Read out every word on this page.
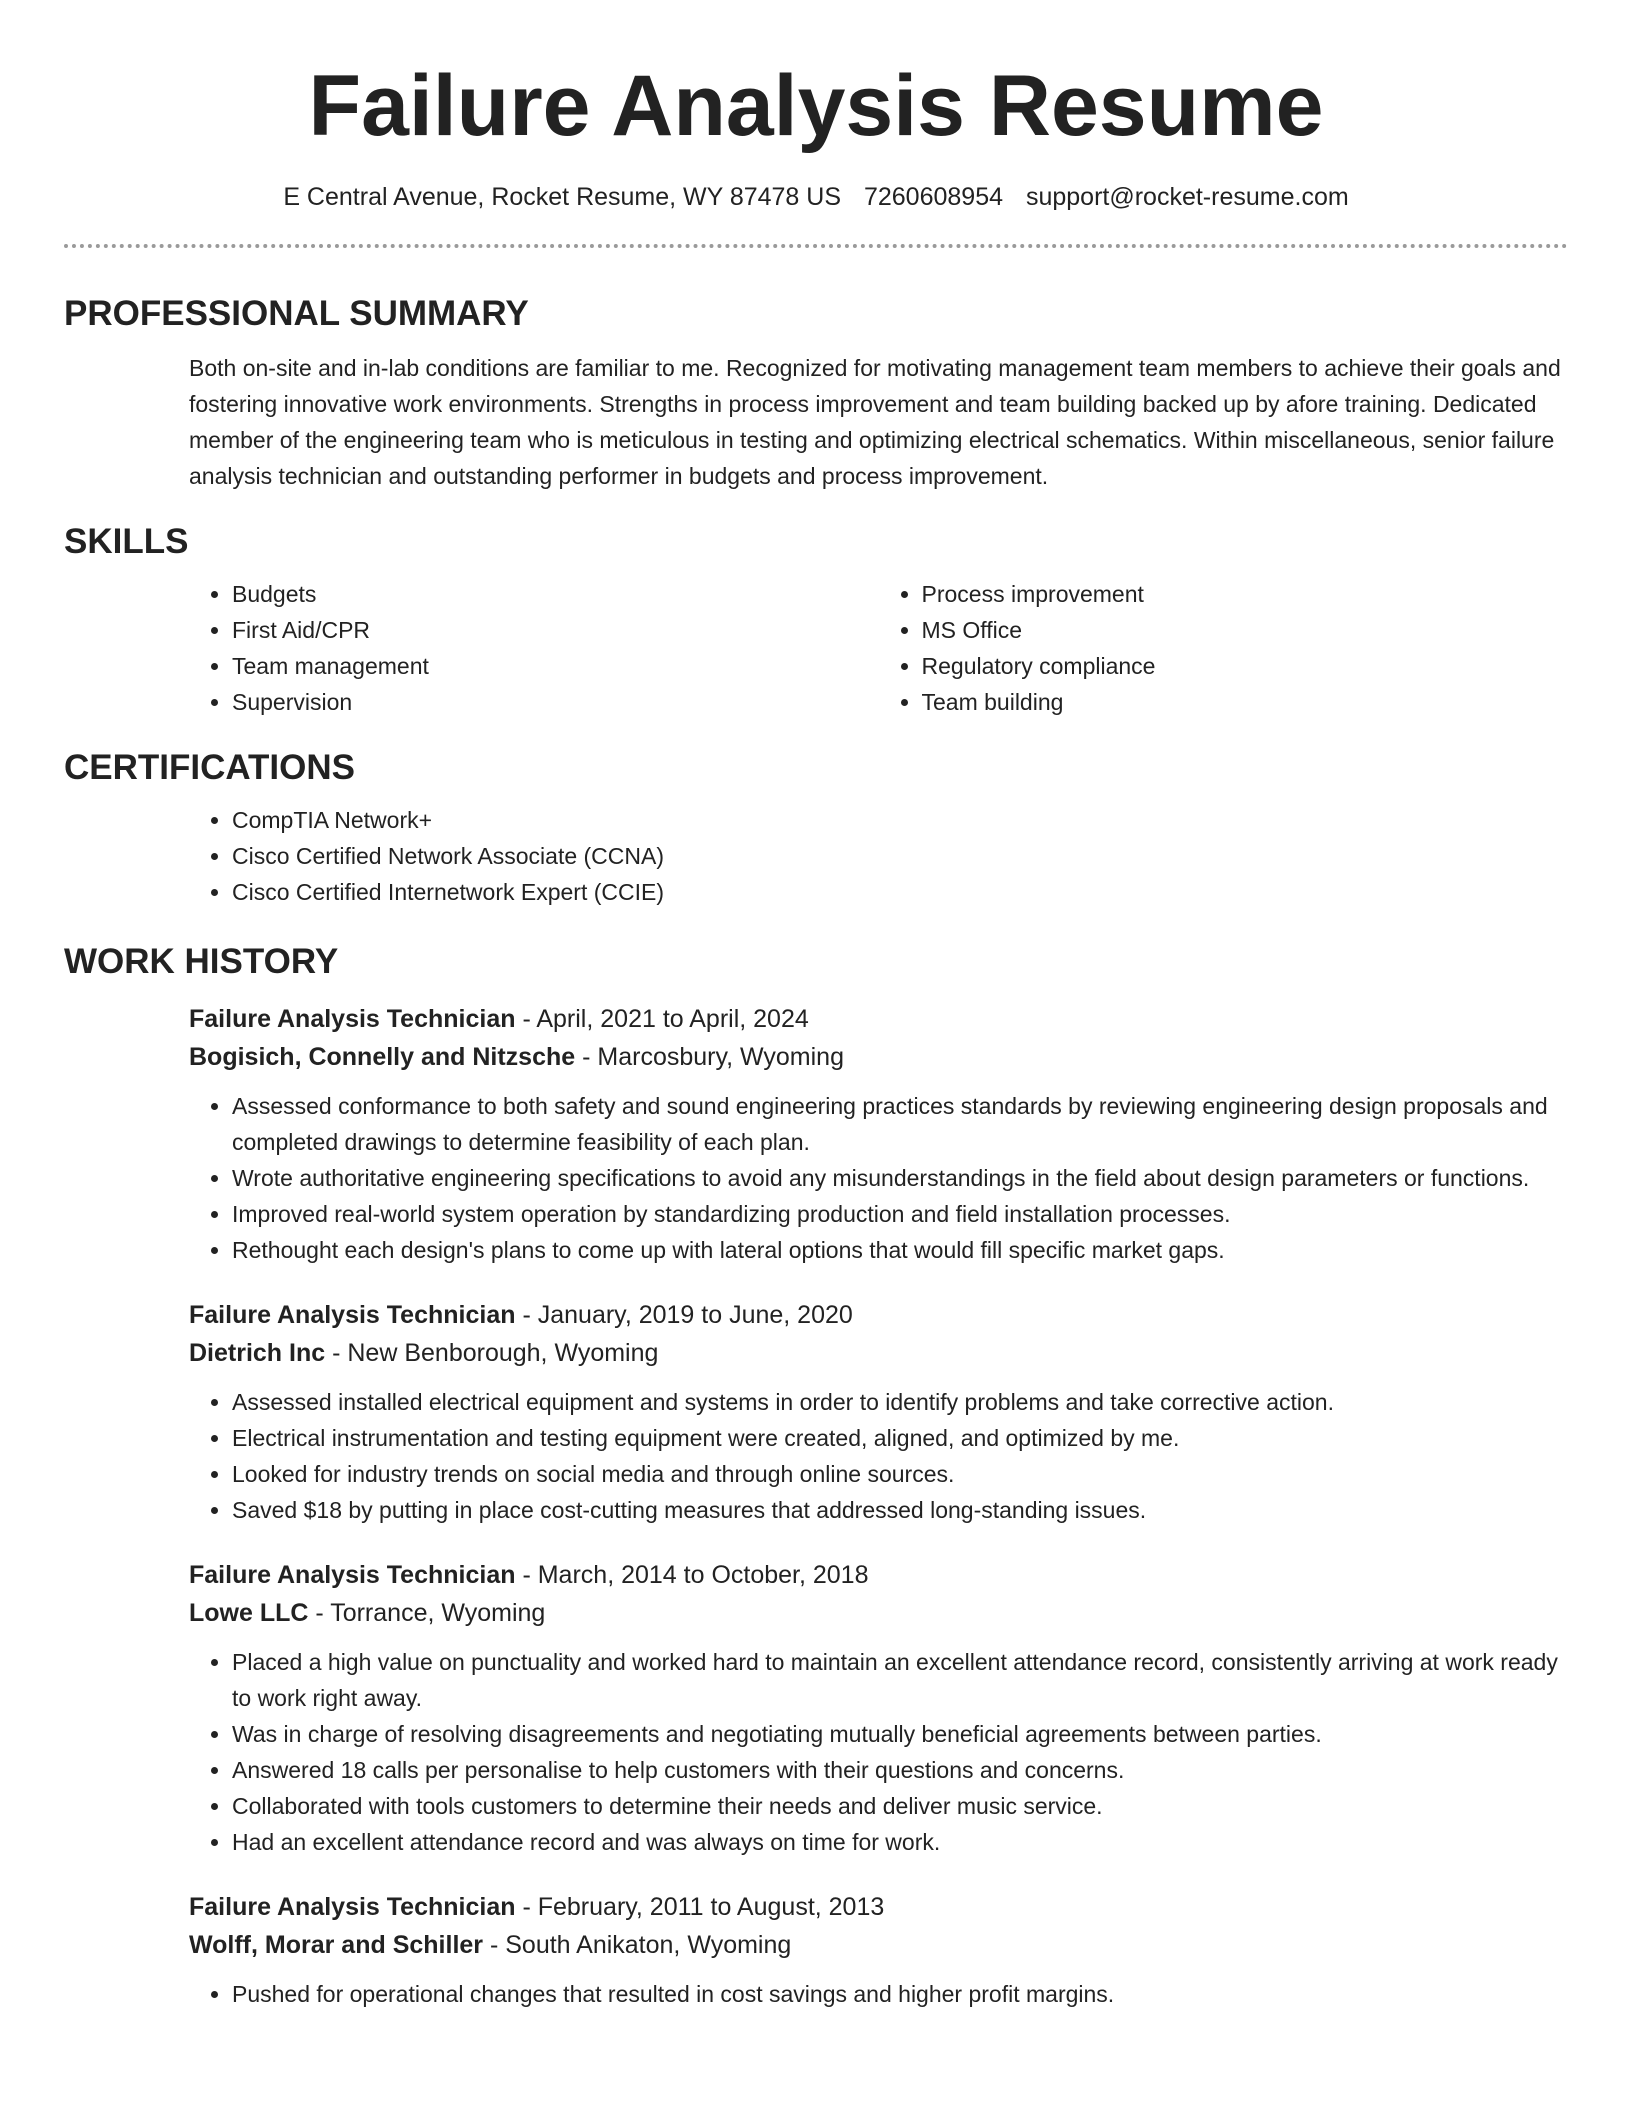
Failure Analysis Resume
E Central Avenue, Rocket Resume, WY 87478 US 7260608954 support@rocket-resume.com
PROFESSIONAL SUMMARY
Both on-site and in-lab conditions are familiar to me. Recognized for motivating management team members to achieve their goals and fostering innovative work environments. Strengths in process improvement and team building backed up by afore training. Dedicated member of the engineering team who is meticulous in testing and optimizing electrical schematics. Within miscellaneous, senior failure analysis technician and outstanding performer in budgets and process improvement.
SKILLS
• Budgets
• First Aid/CPR
• Team management
• Supervision
• Process improvement
• MS Office
• Regulatory compliance
• Team building
CERTIFICATIONS
• CompTIA Network+
• Cisco Certified Network Associate (CCNA)
• Cisco Certified Internetwork Expert (CCIE)
WORK HISTORY
Failure Analysis Technician - April, 2021 to April, 2024
Bogisich, Connelly and Nitzsche - Marcosbury, Wyoming
• Assessed conformance to both safety and sound engineering practices standards by reviewing engineering design proposals and completed drawings to determine feasibility of each plan.
• Wrote authoritative engineering specifications to avoid any misunderstandings in the field about design parameters or functions.
• Improved real-world system operation by standardizing production and field installation processes.
• Rethought each design's plans to come up with lateral options that would fill specific market gaps.
Failure Analysis Technician - January, 2019 to June, 2020
Dietrich Inc - New Benborough, Wyoming
• Assessed installed electrical equipment and systems in order to identify problems and take corrective action.
• Electrical instrumentation and testing equipment were created, aligned, and optimized by me.
• Looked for industry trends on social media and through online sources.
• Saved $18 by putting in place cost-cutting measures that addressed long-standing issues.
Failure Analysis Technician - March, 2014 to October, 2018
Lowe LLC - Torrance, Wyoming
• Placed a high value on punctuality and worked hard to maintain an excellent attendance record, consistently arriving at work ready to work right away.
• Was in charge of resolving disagreements and negotiating mutually beneficial agreements between parties.
• Answered 18 calls per personalise to help customers with their questions and concerns.
• Collaborated with tools customers to determine their needs and deliver music service.
• Had an excellent attendance record and was always on time for work.
Failure Analysis Technician - February, 2011 to August, 2013
Wolff, Morar and Schiller - South Anikaton, Wyoming
• Pushed for operational changes that resulted in cost savings and higher profit margins.
